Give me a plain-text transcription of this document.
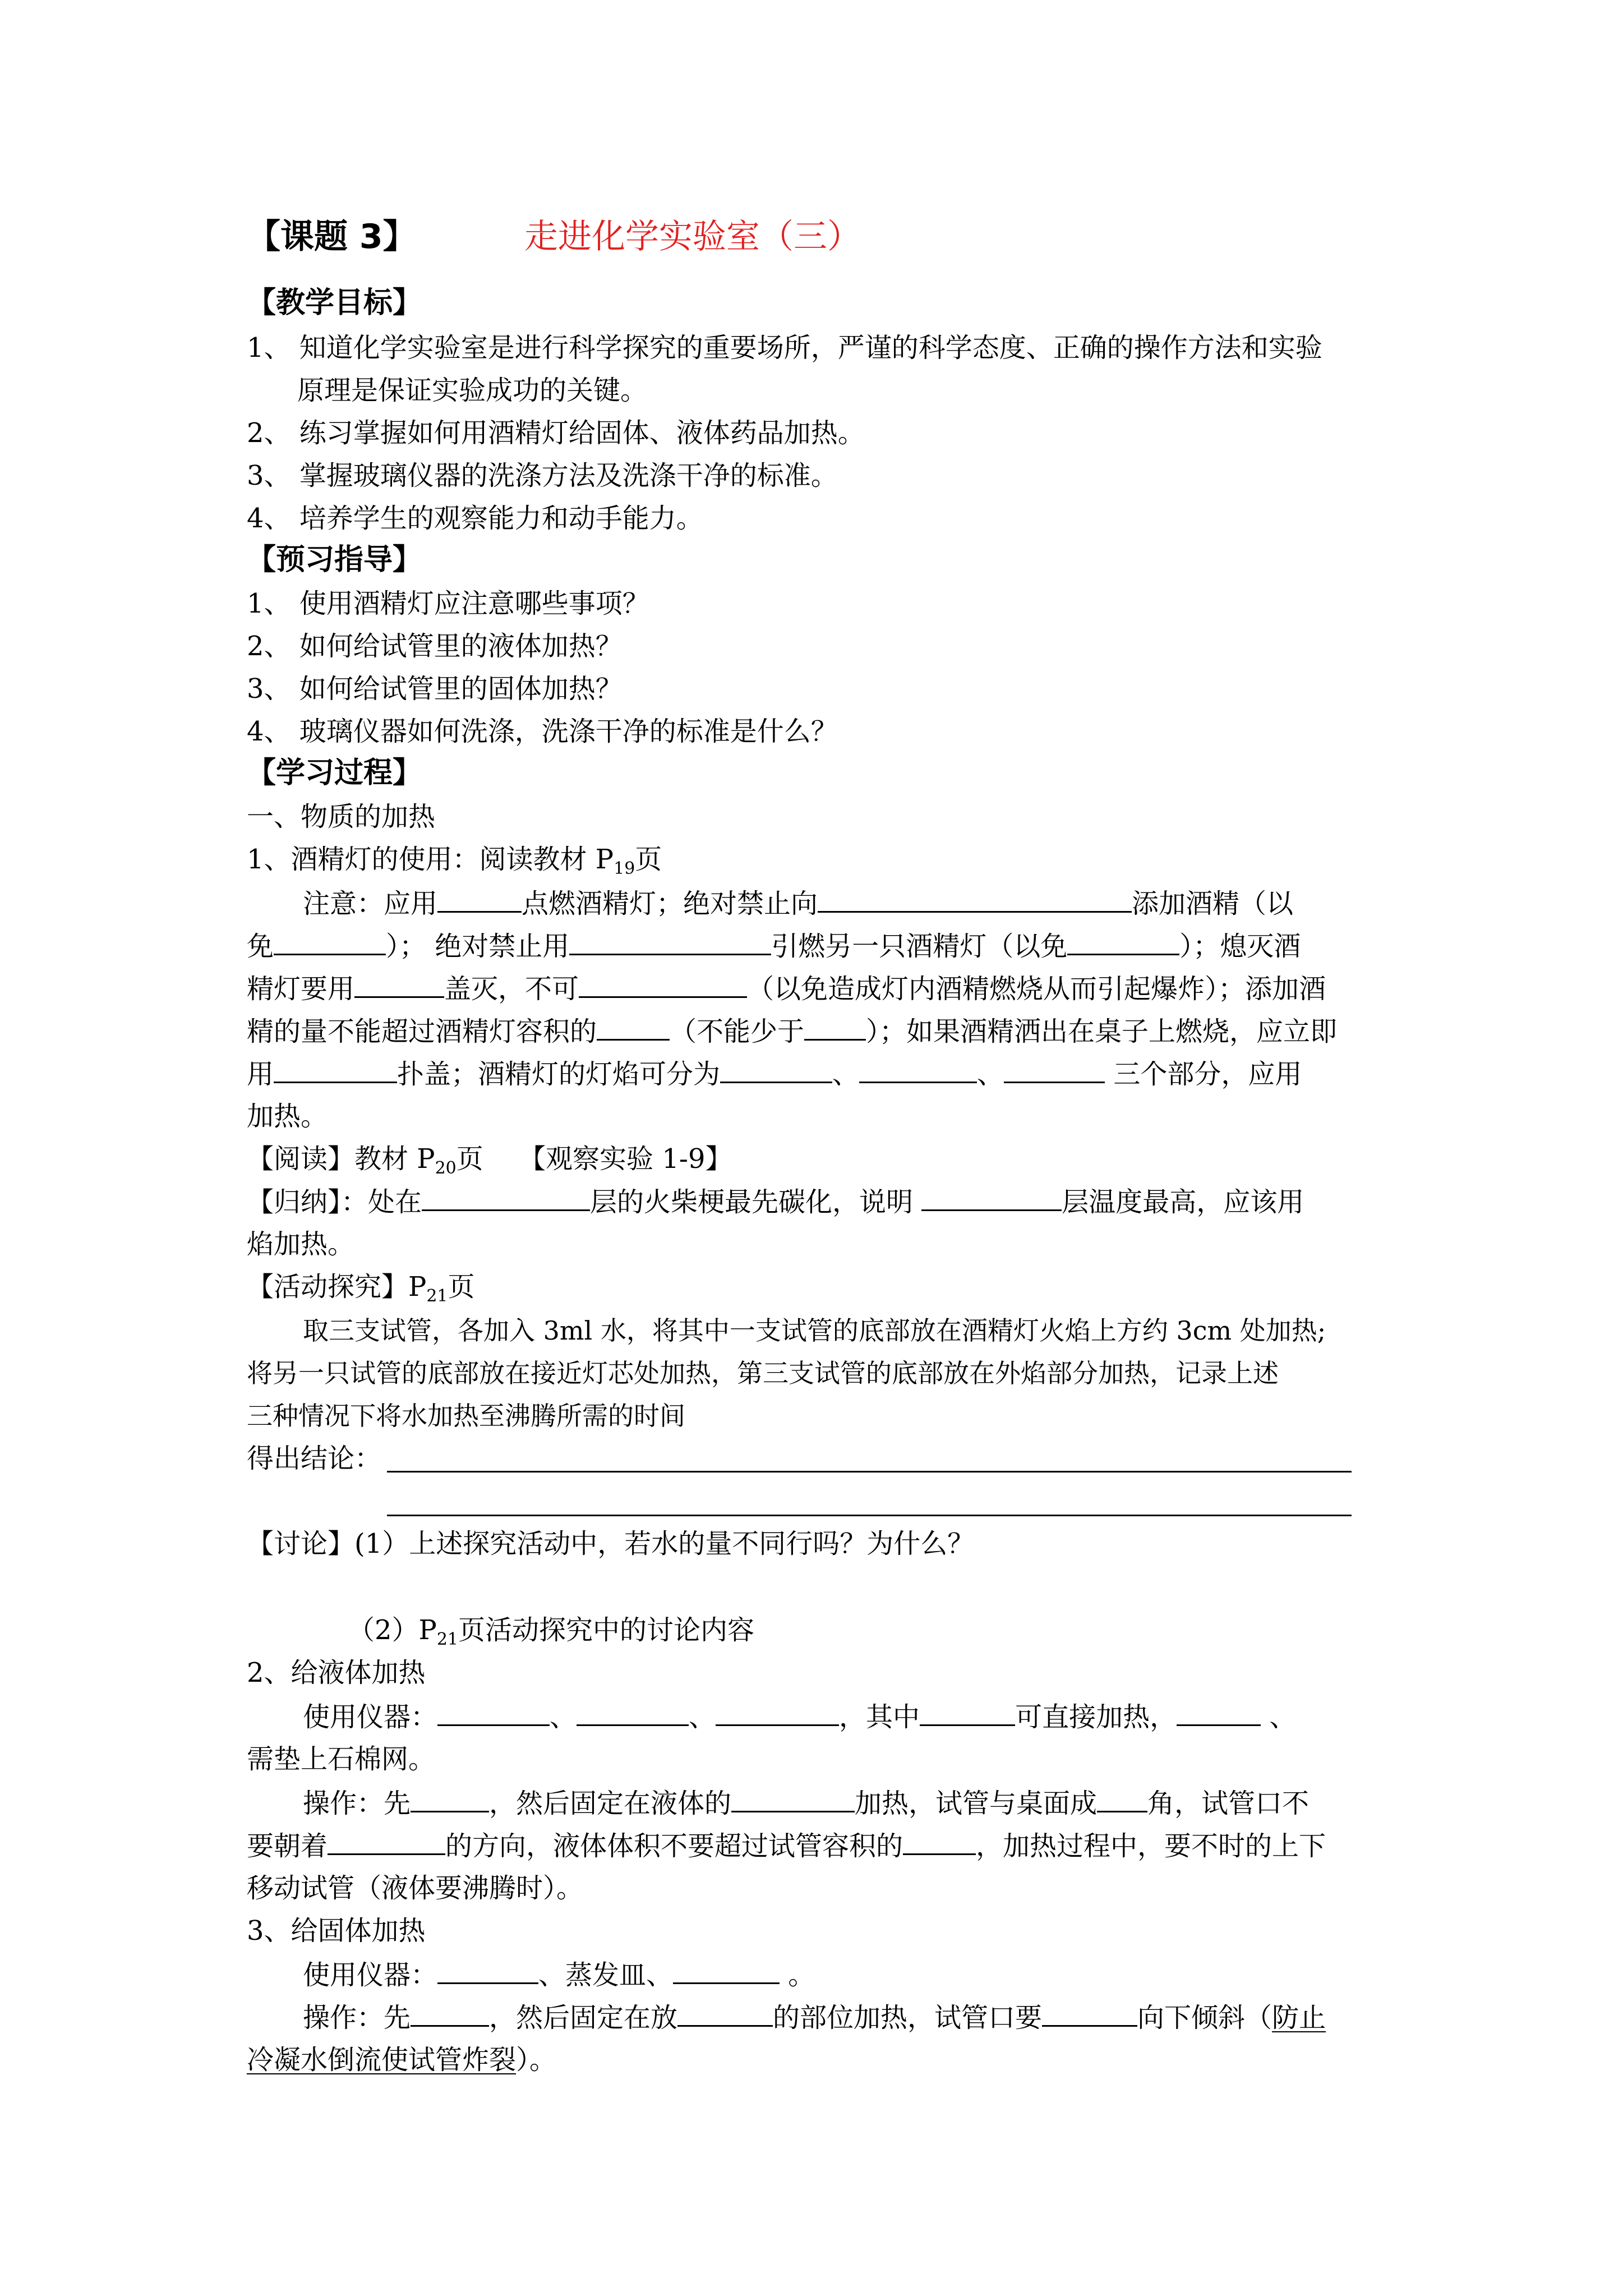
【课题 3】	走进化学实验室（三）
【教学目标】
1、 知道化学实验室是进行科学探究的重要场所，严谨的科学态度、正确的操作方法和实验
原理是保证实验成功的关键。
2、 练习掌握如何用酒精灯给固体、液体药品加热。
3、 掌握玻璃仪器的洗涤方法及洗涤干净的标准。
4、 培养学生的观察能力和动手能力。
【预习指导】
1、 使用酒精灯应注意哪些事项？
2、 如何给试管里的液体加热？
3、 如何给试管里的固体加热？
4、 玻璃仪器如何洗涤，洗涤干净的标准是什么？
【学习过程】
一、物质的加热
1、酒精灯的使用：阅读教材 $P_{19}$页
注意：应用	点燃酒精灯；绝对禁止向	添加酒精（以
免	）； 绝对禁止用	引燃另一只酒精灯（以免	）；熄灭酒
精灯要用	盖灭，不可	（以免造成灯内酒精燃烧从而引起爆炸）；添加酒
精的量不能超过酒精灯容积的	（不能少于 ）；如果酒精洒出在桌子上燃烧，应立即
用	扑盖；酒精灯的灯焰可分为	、	、	三个部分，应用
加热。
【阅读】教材 $P_{20}$页　 【观察实验 1-9】
【归纳】：处在	层的火柴梗最先碳化，说明	层温度最高，应该用
焰加热。
【活动探究】$P_{21}$页
取三支试管，各加入 3ml 水，将其中一支试管的底部放在酒精灯火焰上方约 3cm 处加热;
将另一只试管的底部放在接近灯芯处加热，第三支试管的底部放在外焰部分加热，记录上述
三种情况下将水加热至沸腾所需的时间
得出结论：
【讨论】(1）上述探究活动中，若水的量不同行吗？为什么？
$(2)P_{21}$页活动探究中的讨论内容
2、给液体加热
使用仪器：	、	、	，其中	可直接加热，	、
需垫上石棉网。
操作：先	，然后固定在液体的	加热，试管与桌面成 角，试管口不
要朝着	的方向，液体体积不要超过试管容积的	，加热过程中，要不时的上下
移动试管（液体要沸腾时）。
3、给固体加热
使用仪器：	、蒸发皿、	。
操作：先	，然后固定在放	的部位加热，试管口要	向下倾斜（防止
冷凝水倒流使试管炸裂）。
